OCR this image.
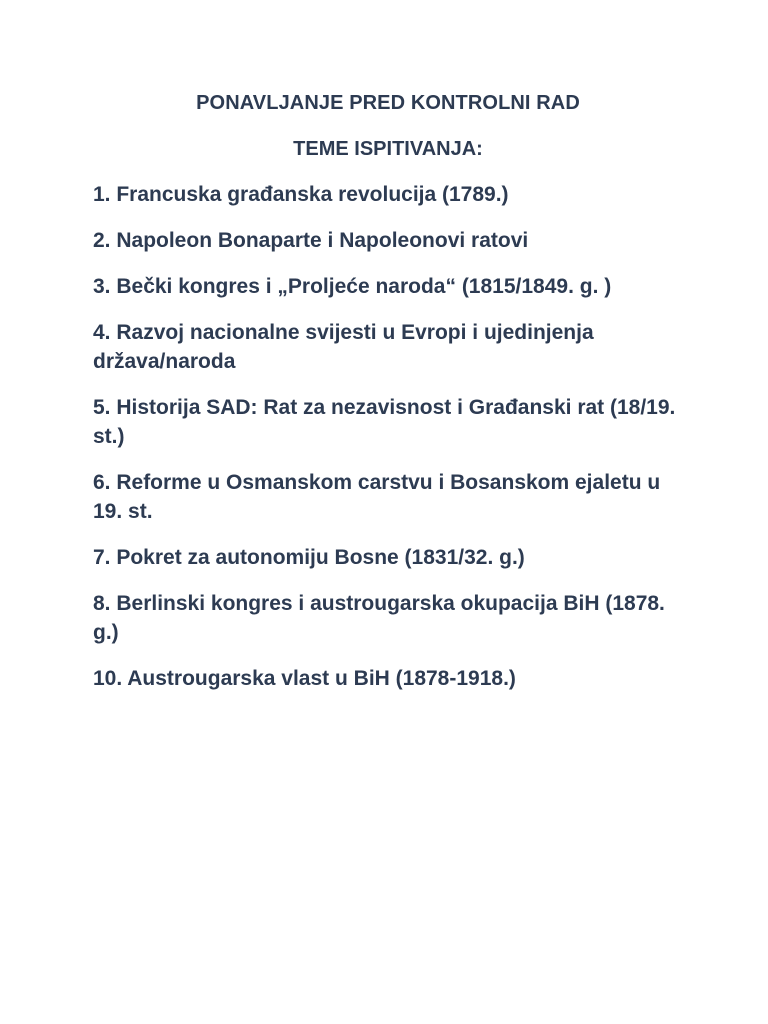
PONAVLJANJE PRED KONTROLNI RAD
TEME ISPITIVANJA:
1. Francuska građanska revolucija (1789.)
2. Napoleon Bonaparte i Napoleonovi ratovi
3. Bečki kongres i „Proljeće naroda“ (1815/1849. g. )
4. Razvoj nacionalne svijesti u Evropi i ujedinjenja država/naroda
5. Historija SAD: Rat za nezavisnost i Građanski rat (18/19. st.)
6. Reforme u Osmanskom carstvu i Bosanskom ejaletu u 19. st.
7. Pokret za autonomiju Bosne (1831/32. g.)
8. Berlinski kongres i austrougarska okupacija BiH (1878. g.)
10. Austrougarska vlast u BiH (1878-1918.)
